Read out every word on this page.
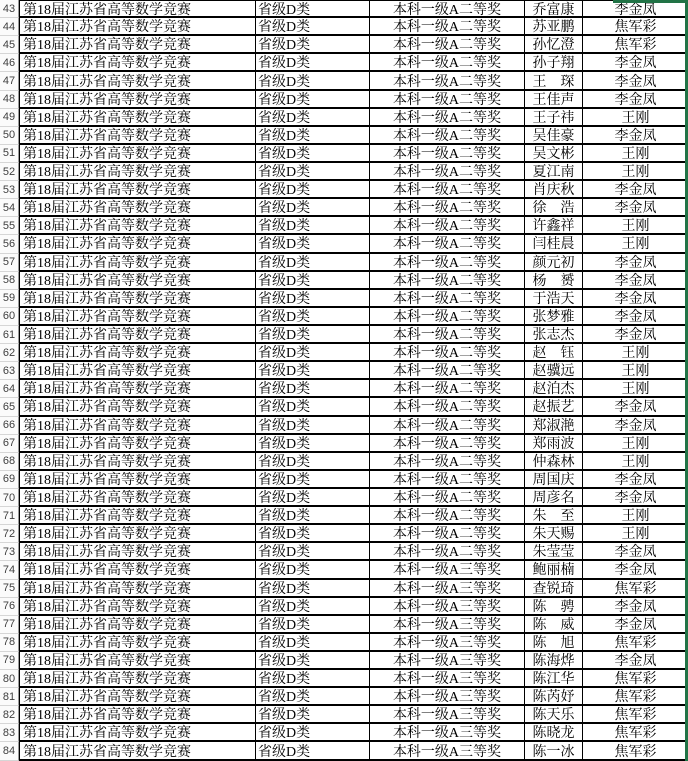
43 第18届江苏省高等数学竞赛	省级D类	本科一级A二等奖	乔富康	李金凤
44 第18届江苏省高等数学竞赛	省级D类	本科一级A二等奖	苏亚鹏	焦军彩
45 第18届江苏省高等数学竞赛	省级D类	本科一级A二等奖	孙忆澄	焦军彩
46 第18届江苏省高等数学竞赛	省级D类	本科一级A二等奖	孙子翔	李金凤
47 第18届江苏省高等数学竞赛	省级D类	本科一级A二等奖	王　琛	李金凤
48 第18届江苏省高等数学竞赛	省级D类	本科一级A二等奖	王佳声	李金凤
49 第18届江苏省高等数学竞赛	省级D类	本科一级A二等奖	王子祎	王刚
50 第18届江苏省高等数学竞赛	省级D类	本科一级A二等奖	吴佳豪	李金凤
51 第18届江苏省高等数学竞赛	省级D类	本科一级A二等奖	吴文彬	王刚
52 第18届江苏省高等数学竞赛	省级D类	本科一级A二等奖	夏江南	王刚
53 第18届江苏省高等数学竞赛	省级D类	本科一级A二等奖	肖庆秋	李金凤
54 第18届江苏省高等数学竞赛	省级D类	本科一级A二等奖	徐　浩	李金凤
55 第18届江苏省高等数学竞赛	省级D类	本科一级A二等奖	许鑫祥	王刚
56 第18届江苏省高等数学竞赛	省级D类	本科一级A二等奖	闫桂晨	王刚
57 第18届江苏省高等数学竞赛	省级D类	本科一级A二等奖	颜元初	李金凤
58 第18届江苏省高等数学竞赛	省级D类	本科一级A二等奖	杨　赟	李金凤
59 第18届江苏省高等数学竞赛	省级D类	本科一级A二等奖	于浩天	李金凤
60 第18届江苏省高等数学竞赛	省级D类	本科一级A二等奖	张梦雅	李金凤
61 第18届江苏省高等数学竞赛	省级D类	本科一级A二等奖	张志杰	李金凤
62 第18届江苏省高等数学竞赛	省级D类	本科一级A二等奖	赵　钰	王刚
63 第18届江苏省高等数学竞赛	省级D类	本科一级A二等奖	赵骥远	王刚
64 第18届江苏省高等数学竞赛	省级D类	本科一级A二等奖	赵泊杰	王刚
65 第18届江苏省高等数学竞赛	省级D类	本科一级A二等奖	赵振艺	李金凤
66 第18届江苏省高等数学竞赛	省级D类	本科一级A二等奖	郑淑滟	李金凤
67 第18届江苏省高等数学竞赛	省级D类	本科一级A二等奖	郑雨波	王刚
68 第18届江苏省高等数学竞赛	省级D类	本科一级A二等奖	仲森林	王刚
69 第18届江苏省高等数学竞赛	省级D类	本科一级A二等奖	周国庆	李金凤
70 第18届江苏省高等数学竞赛	省级D类	本科一级A二等奖	周彦名	李金凤
71 第18届江苏省高等数学竞赛	省级D类	本科一级A二等奖	朱　至	王刚
72 第18届江苏省高等数学竞赛	省级D类	本科一级A二等奖	朱天赐	王刚
73 第18届江苏省高等数学竞赛	省级D类	本科一级A二等奖	朱莹莹	李金凤
74 第18届江苏省高等数学竞赛	省级D类	本科一级A三等奖	鲍丽楠	李金凤
75 第18届江苏省高等数学竞赛	省级D类	本科一级A三等奖	查锐琦	焦军彩
76 第18届江苏省高等数学竞赛	省级D类	本科一级A三等奖	陈　骋	李金凤
77 第18届江苏省高等数学竞赛	省级D类	本科一级A三等奖	陈　威	李金凤
78 第18届江苏省高等数学竞赛	省级D类	本科一级A三等奖	陈　旭	焦军彩
79 第18届江苏省高等数学竞赛	省级D类	本科一级A三等奖	陈海烨	李金凤
80 第18届江苏省高等数学竞赛	省级D类	本科一级A三等奖	陈江华	焦军彩
81 第18届江苏省高等数学竞赛	省级D类	本科一级A三等奖	陈芮妤	焦军彩
82 第18届江苏省高等数学竞赛	省级D类	本科一级A三等奖	陈天乐	焦军彩
83 第18届江苏省高等数学竞赛	省级D类	本科一级A三等奖	陈晓龙	焦军彩
84 第18届江苏省高等数学竞赛	省级D类	本科一级A三等奖	陈一冰	焦军彩
